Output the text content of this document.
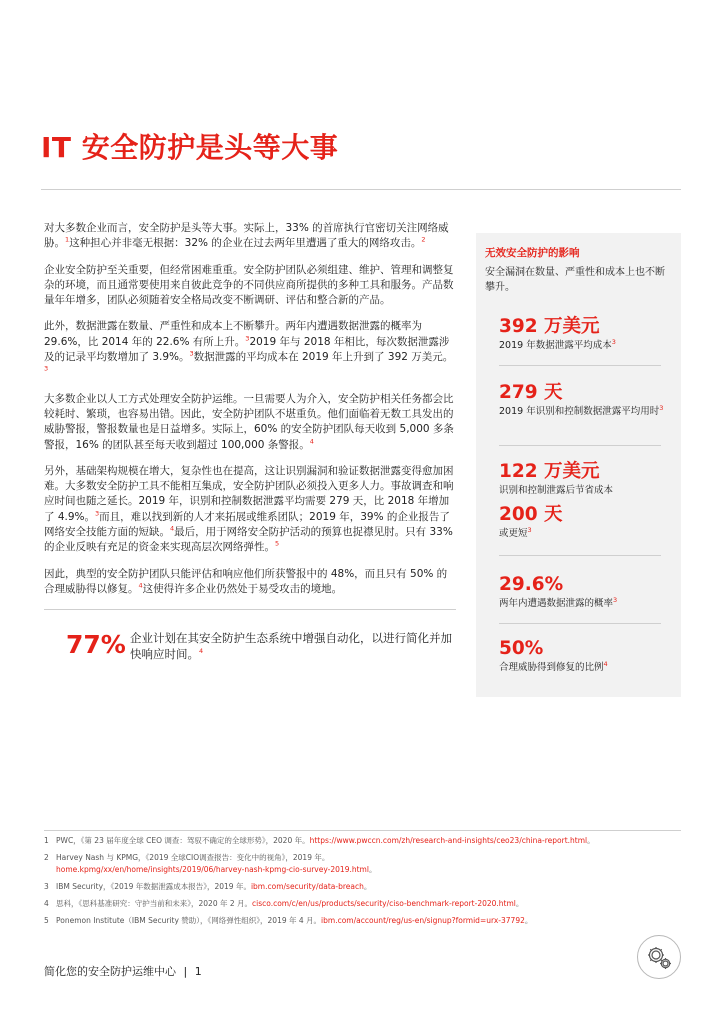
IT 安全防护是头等大事

对大多数企业而言，安全防护是头等大事。实际上，33% 的首席执行官密切关注网络威胁。$^1$这种担心并非毫无根据：32% 的企业在过去两年里遭遇了重大的网络攻击。$^2$

企业安全防护至关重要，但经常困难重重。安全防护团队必须组建、维护、管理和调整复杂的环境，而且通常要使用来自彼此竞争的不同供应商所提供的多种工具和服务。产品数量年年增多，团队必须随着安全格局改变不断调研、评估和整合新的产品。

此外，数据泄露在数量、严重性和成本上不断攀升。两年内遭遇数据泄露的概率为 29.6%，比 2014 年的 22.6% 有所上升。$^3$2019 年与 2018 年相比，每次数据泄露涉及的记录平均数增加了 3.9%。$^3$数据泄露的平均成本在 2019 年上升到了 392 万美元。$^3$

大多数企业以人工方式处理安全防护运维。一旦需要人为介入，安全防护相关任务都会比较耗时、繁琐，也容易出错。因此，安全防护团队不堪重负。他们面临着无数工具发出的威胁警报，警报数量也是日益增多。实际上，60% 的安全防护团队每天收到 5,000 多条警报，16% 的团队甚至每天收到超过 100,000 条警报。$^4$

另外，基础架构规模在增大，复杂性也在提高，这让识别漏洞和验证数据泄露变得愈加困难。大多数安全防护工具不能相互集成，安全防护团队必须投入更多人力。事故调查和响应时间也随之延长。2019 年，识别和控制数据泄露平均需要 279 天，比 2018 年增加了 4.9%。$^3$而且，难以找到新的人才来拓展或维系团队；2019 年，39% 的企业报告了网络安全技能方面的短缺。$^4$最后，用于网络安全防护活动的预算也捉襟见肘。只有 33% 的企业反映有充足的资金来实现高层次网络弹性。$^5$

因此，典型的安全防护团队只能评估和响应他们所获警报中的 48%，而且只有 50% 的合理威胁得以修复。$^4$这使得许多企业仍然处于易受攻击的境地。

77% 企业计划在其安全防护生态系统中增强自动化，以进行简化并加快响应时间。$^4$
无效安全防护的影响
安全漏洞在数量、严重性和成本上也不断攀升。
392 万美元
2019 年数据泄露平均成本$^3$
279 天
2019 年识别和控制数据泄露平均用时$^3$
122 万美元
识别和控制泄露后节省成本
200 天
或更短$^3$
29.6%
两年内遭遇数据泄露的概率$^3$
50%
合理威胁得到修复的比例$^4$
1 PWC，《第 23 届年度全球 CEO 调查：驾驭不确定的全球形势》，2020 年。https://www.pwccn.com/zh/research-and-insights/ceo23/china-report.html。
2 Harvey Nash 与 KPMG，《2019 全球CIO调查报告：变化中的视角》，2019 年。
home.kpmg/xx/en/home/insights/2019/06/harvey-nash-kpmg-cio-survey-2019.html。
3 IBM Security，《2019 年数据泄露成本报告》，2019 年。ibm.com/security/data-breach。
4 思科，《思科基准研究：守护当前和未来》，2020 年 2 月。cisco.com/c/en/us/products/security/ciso-benchmark-report-2020.html。
5 Ponemon Institute（IBM Security 赞助），《网络弹性组织》，2019 年 4 月。ibm.com/account/reg/us-en/signup?formid=urx-37792。
简化您的安全防护运维中心 | 1
